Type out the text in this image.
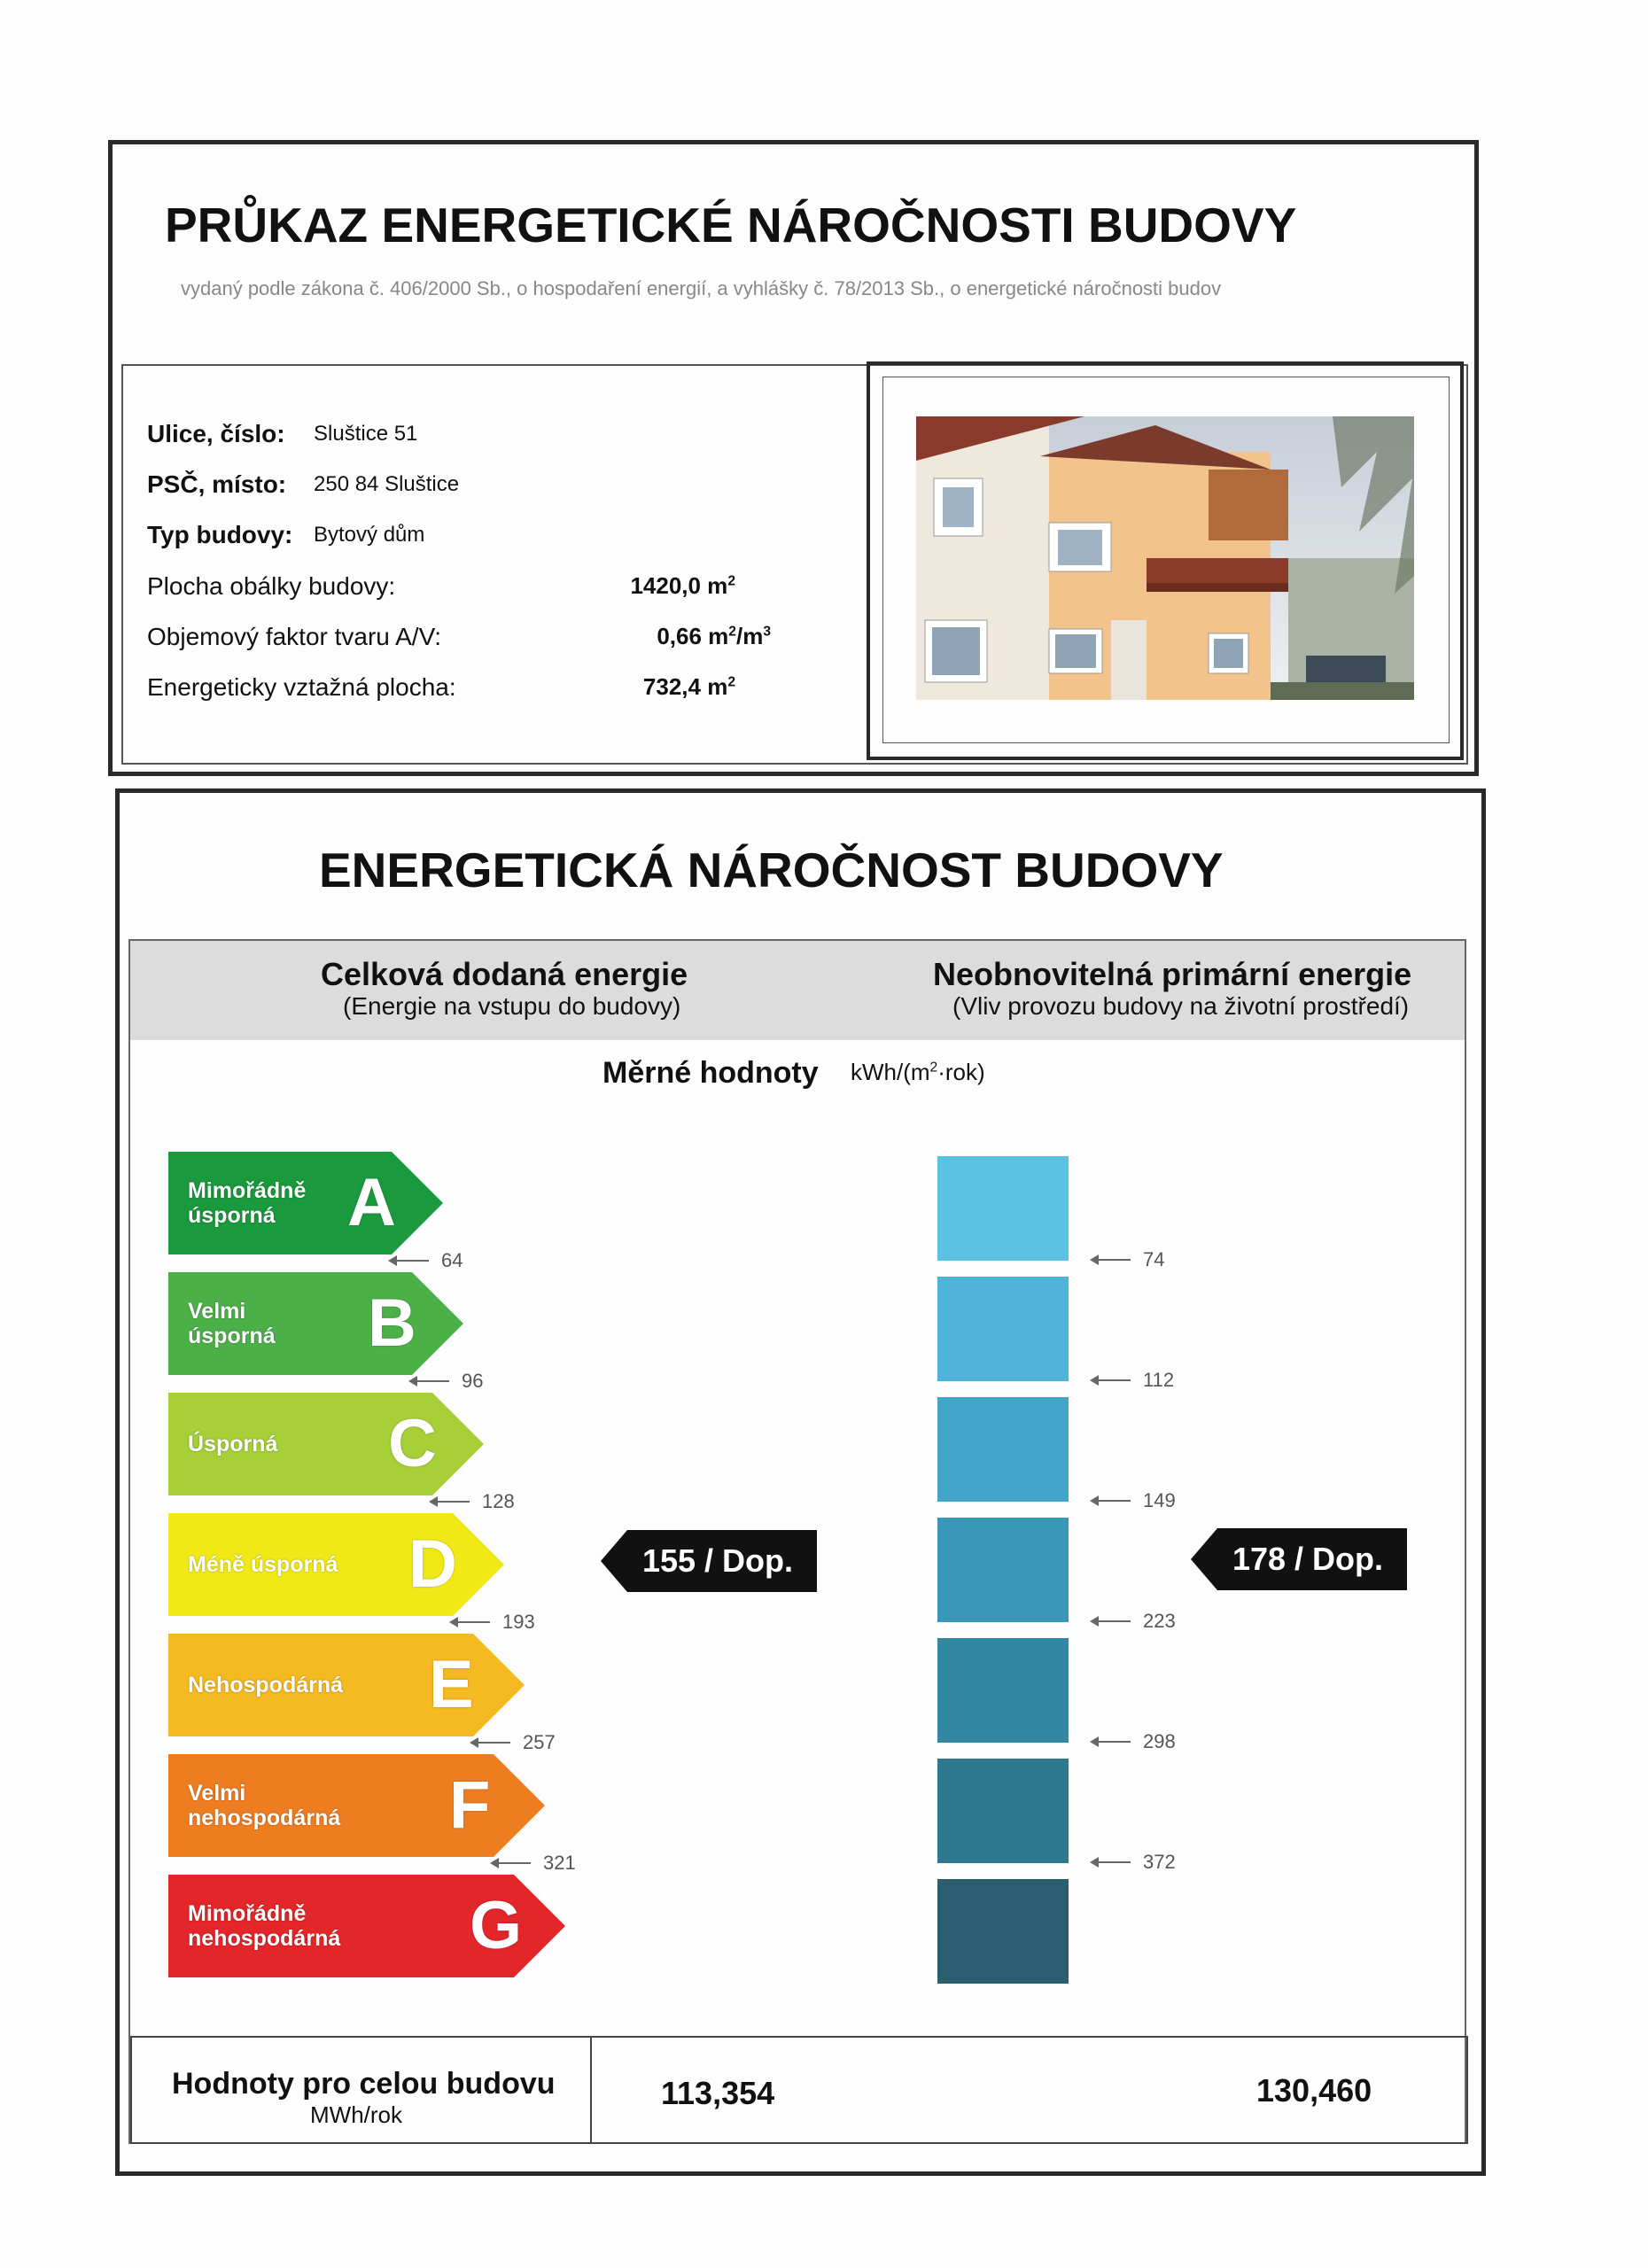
PRŮKAZ ENERGETICKÉ NÁROČNOSTI BUDOVY
vydaný podle zákona č. 406/2000 Sb., o hospodaření energií, a vyhlášky č. 78/2013 Sb., o energetické náročnosti budov
Ulice, číslo: Sluštice 51
PSČ, místo: 250 84 Sluštice
Typ budovy: Bytový dům
Plocha obálky budovy:	1420,0 $m^2$
Objemový faktor tvaru A/V:	0,66 $m^2/m^3$
Energeticky vztažná plocha:	732,4 $m^2$
ENERGETICKÁ NÁROČNOST BUDOVY
Celková dodaná energie
(Energie na vstupu do budovy)
Neobnovitelná primární energie
(Vliv provozu budovy na životní prostředí)
Měrné hodnoty kWh/$(m^2\cdot rok)$
Mimořádně
úsporná	A
Velmi
úsporná B
Úsporná C
Méně úsporná D
Nehospodárná E
Velmi
nehospodárná F
Mimořádně
nehospodárná G
64
96
128
193
257
321
74
112
149
223
298
372
155 / Dop.	178 / Dop.
Hodnoty pro celou budovu
MWh/rok
113,354	130,460
